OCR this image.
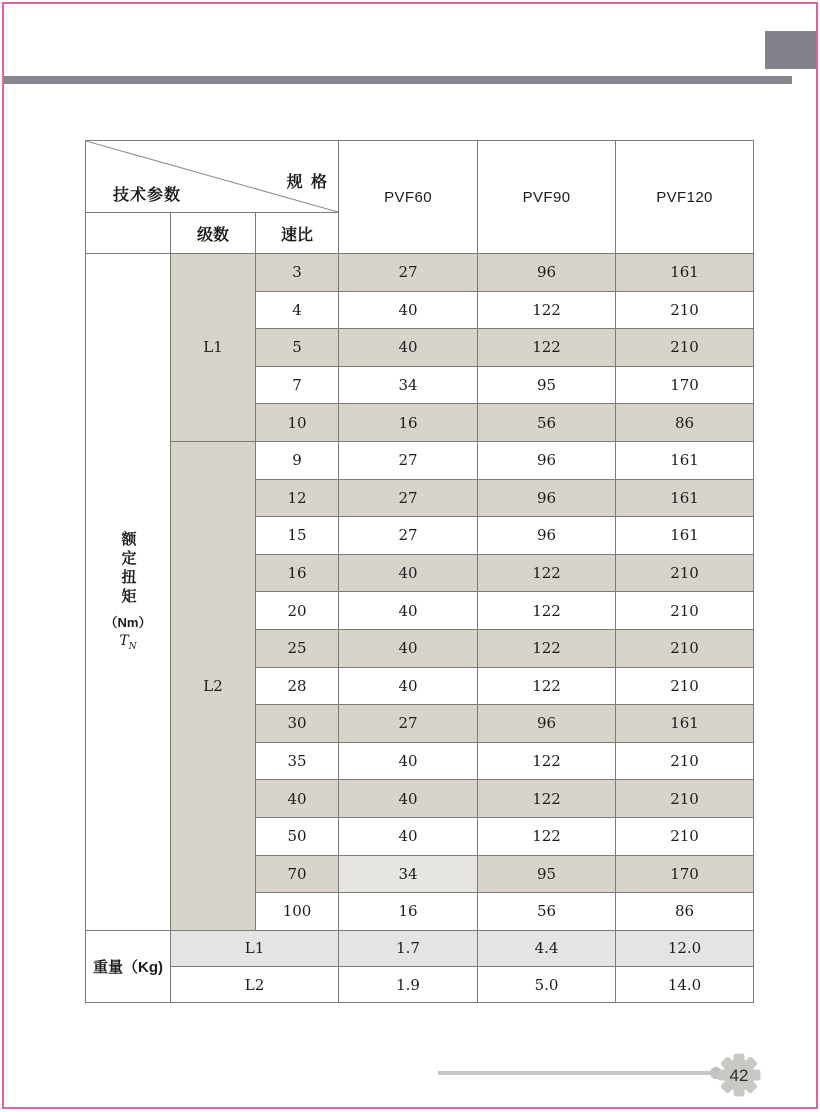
规 格
技术参数			PVF60	PVF90	PVF120
	级数	速比			

额定扭矩
（Nm）
$T_N$	L1	3	27	96	161
		4	40	122	210
		5	40	122	210
		7	34	95	170
		10	16	56	86
	L2	9	27	96	161
		12	27	96	161
		15	27	96	161
		16	40	122	210
		20	40	122	210
		25	40	122	210
		28	40	122	210
		30	27	96	161
		35	40	122	210
		40	40	122	210
		50	40	122	210
		70	34	95	170
		100	16	56	86
重量（Kg)	L1		1.7	4.4	12.0
	L2		1.9	5.0	14.0
42
